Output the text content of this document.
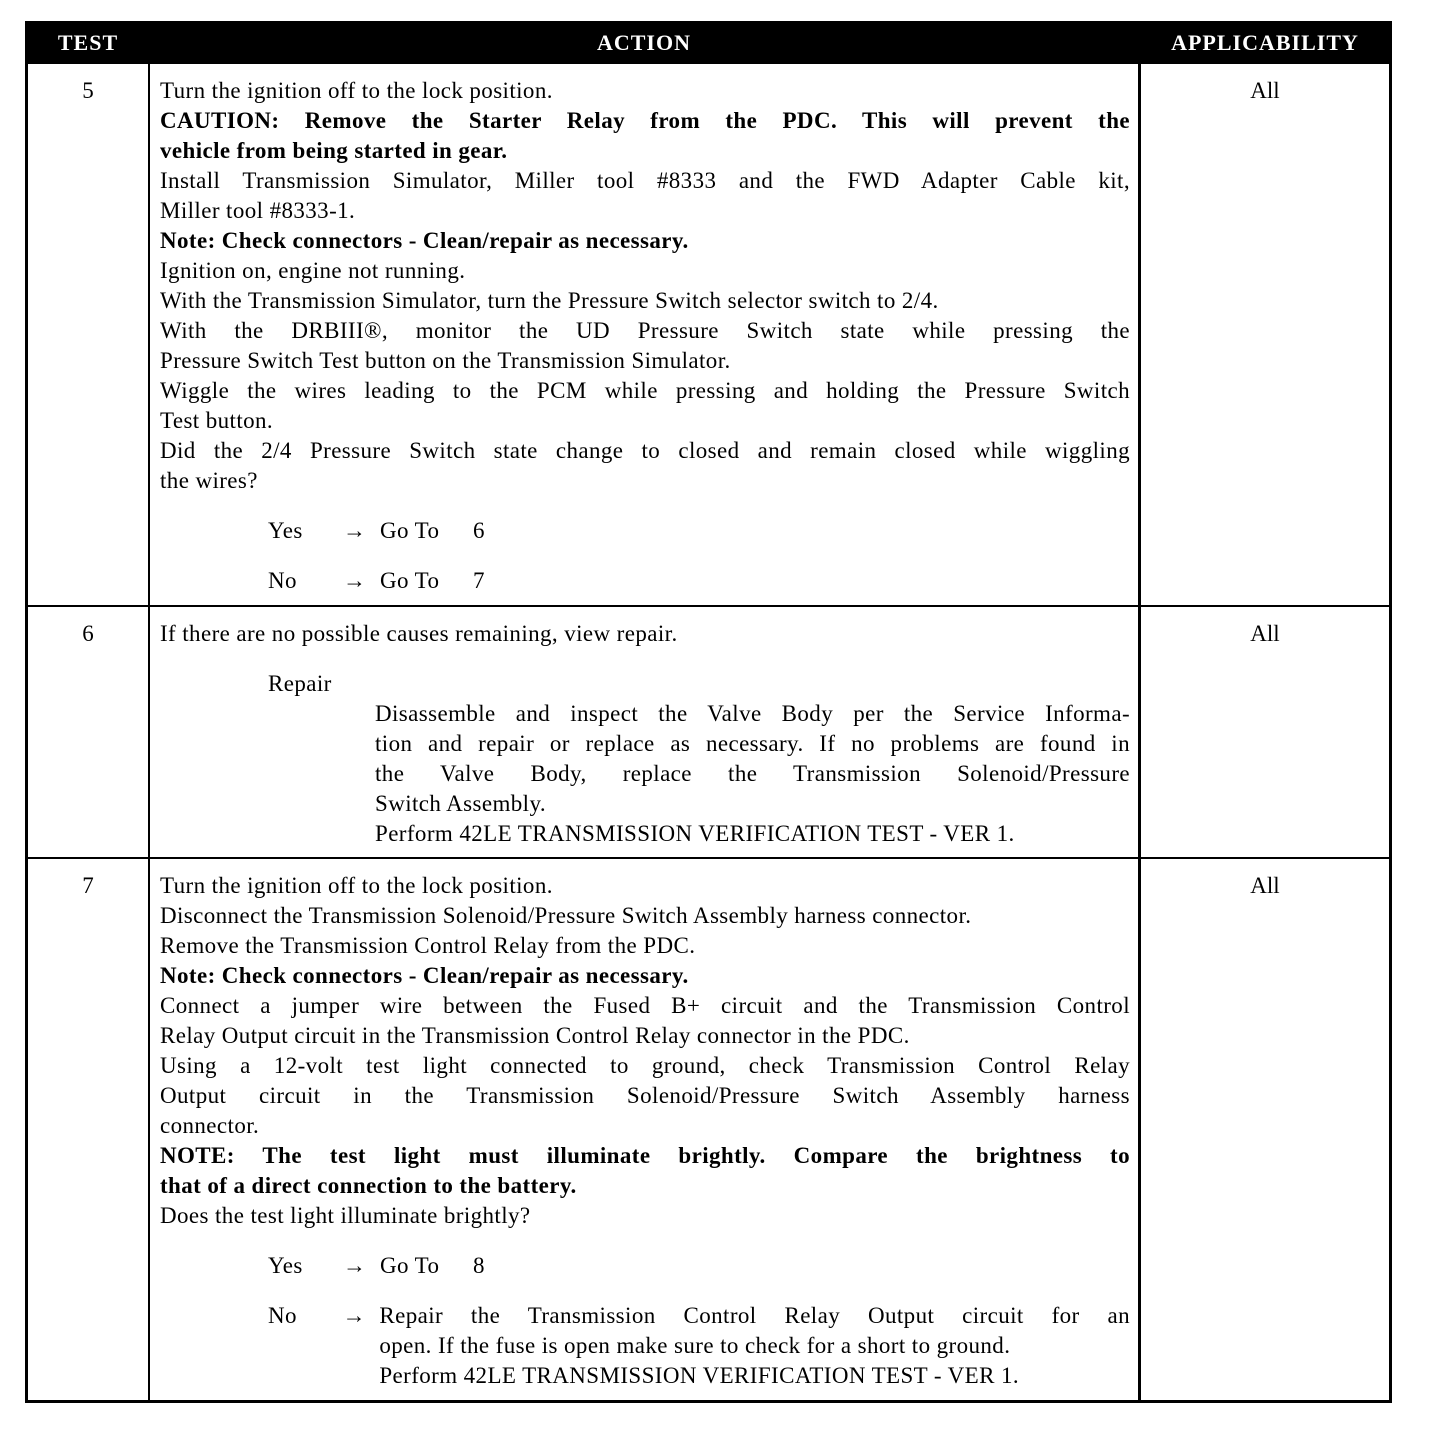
TEST	ACTION	APPLICABILITY
5	Turn the ignition off to the lock position.
CAUTION: Remove the Starter Relay from the PDC. This will prevent the
vehicle from being started in gear.
Install Transmission Simulator, Miller tool #8333 and the FWD Adapter Cable kit,
Miller tool #8333-1.
Note: Check connectors - Clean/repair as necessary.
Ignition on, engine not running.
With the Transmission Simulator, turn the Pressure Switch selector switch to 2/4.
With the DRBIII®, monitor the UD Pressure Switch state while pressing the
Pressure Switch Test button on the Transmission Simulator.
Wiggle the wires leading to the PCM while pressing and holding the Pressure Switch
Test button.
Did the 2/4 Pressure Switch state change to closed and remain closed while wiggling
the wires?
Yes	→ Go To	6
No	→ Go To	7
All
6	If there are no possible causes remaining, view repair.
Repair
Disassemble and inspect the Valve Body per the Service Informa-
tion and repair or replace as necessary. If no problems are found in
the Valve Body, replace the Transmission Solenoid/Pressure
Switch Assembly.
Perform 42LE TRANSMISSION VERIFICATION TEST - VER 1.
All
7	Turn the ignition off to the lock position.
Disconnect the Transmission Solenoid/Pressure Switch Assembly harness connector.
Remove the Transmission Control Relay from the PDC.
Note: Check connectors - Clean/repair as necessary.
Connect a jumper wire between the Fused B+ circuit and the Transmission Control
Relay Output circuit in the Transmission Control Relay connector in the PDC.
Using a 12-volt test light connected to ground, check Transmission Control Relay
Output circuit in the Transmission Solenoid/Pressure Switch Assembly harness
connector.
NOTE: The test light must illuminate brightly. Compare the brightness to
that of a direct connection to the battery.
Does the test light illuminate brightly?
Yes	→ Go To	8
No	→ Repair the Transmission Control Relay Output circuit for an
open. If the fuse is open make sure to check for a short to ground.
Perform 42LE TRANSMISSION VERIFICATION TEST - VER 1.
All
